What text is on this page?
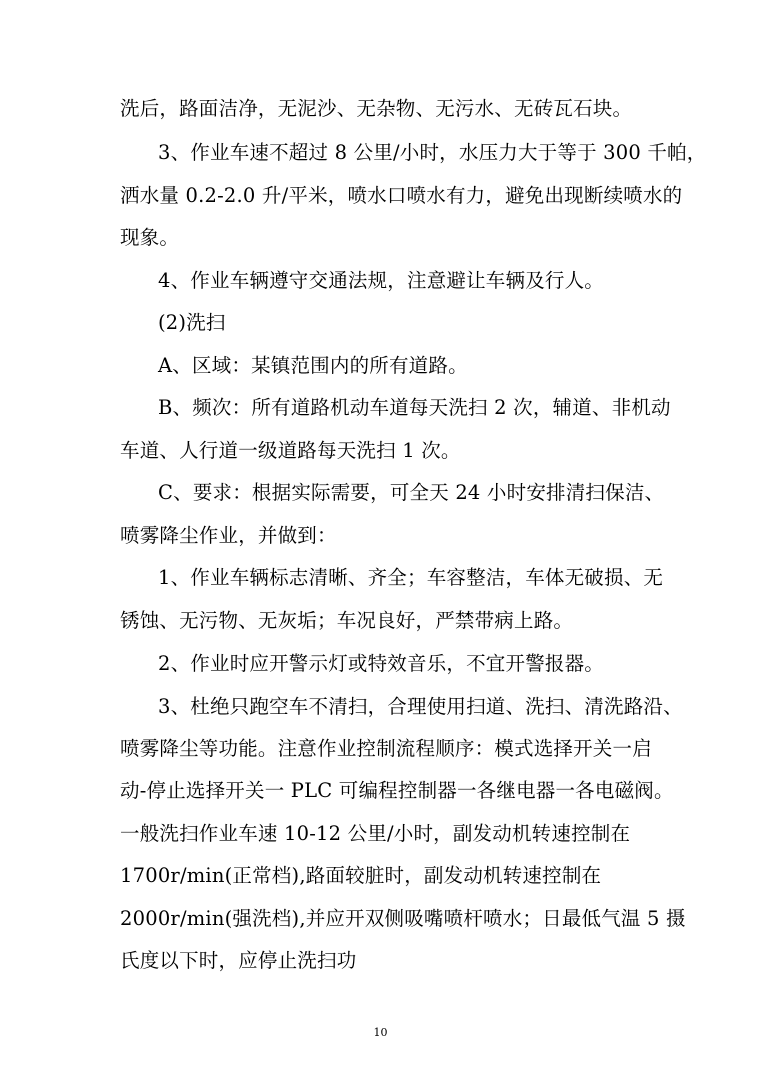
洗后，路面洁净，无泥沙、无杂物、无污水、无砖瓦石块。
3、作业车速不超过 8 公里/小时，水压力大于等于 300 千帕，
洒水量 0.2-2.0 升/平米，喷水口喷水有力，避免出现断续喷水的
现象。
4、作业车辆遵守交通法规，注意避让车辆及行人。
(2)洗扫
A、区域：某镇范围内的所有道路。
B、频次：所有道路机动车道每天洗扫 2 次，辅道、非机动
车道、人行道一级道路每天洗扫 1 次。
C、要求：根据实际需要，可全天 24 小时安排清扫保洁、
喷雾降尘作业，并做到：
1、作业车辆标志清晰、齐全；车容整洁，车体无破损、无
锈蚀、无污物、无灰垢；车况良好，严禁带病上路。
2、作业时应开警示灯或特效音乐，不宜开警报器。
3、杜绝只跑空车不清扫，合理使用扫道、洗扫、清洗路沿、
喷雾降尘等功能。注意作业控制流程顺序：模式选择开关一启
动-停止选择开关一 PLC 可编程控制器一各继电器一各电磁阀。
一般洗扫作业车速 10-12 公里/小时，副发动机转速控制在
1700r/min(正常档),路面较脏时，副发动机转速控制在
2000r/min(强洗档),并应开双侧吸嘴喷杆喷水；日最低气温 5 摄
氏度以下时，应停止洗扫功
10
